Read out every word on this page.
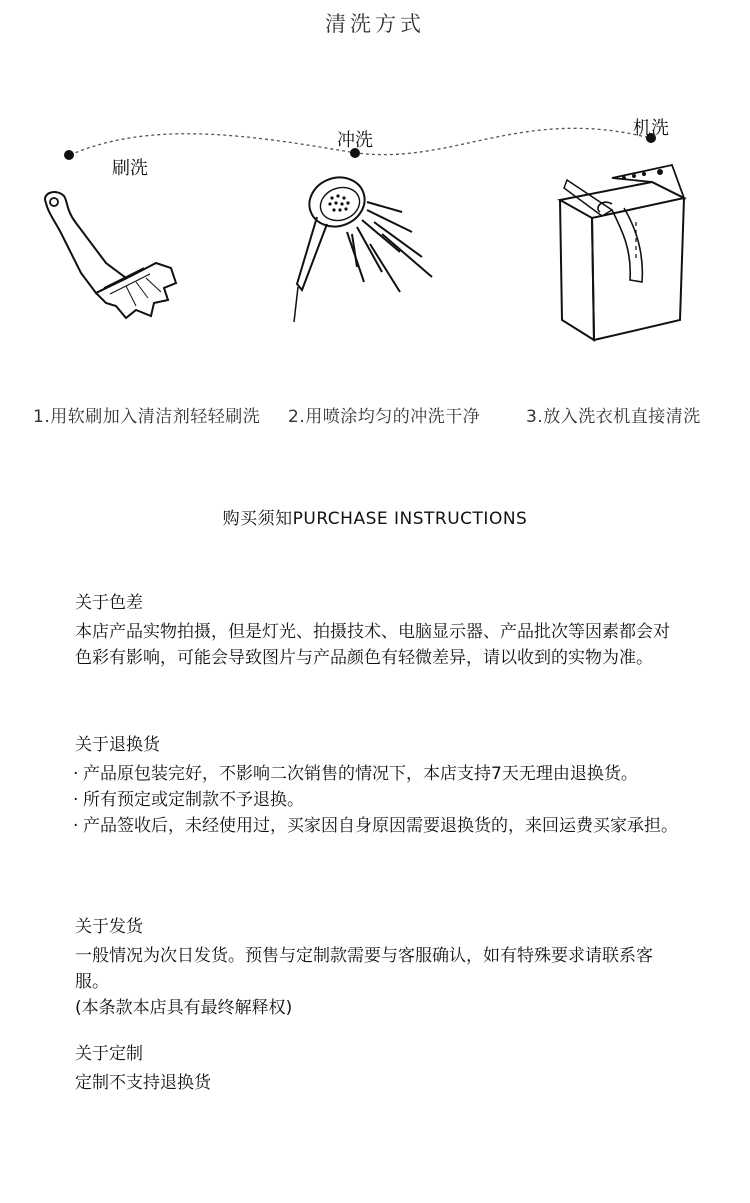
清洗方式
刷洗
冲洗
机洗
1.用软刷加入清洁剂轻轻刷洗 2.用喷涂均匀的冲洗干净	3.放入洗衣机直接清洗
购买须知PURCHASE INSTRUCTIONS
关于色差

本店产品实物拍摄，但是灯光、拍摄技术、电脑显示器、产品批次等因素都会对色彩有影响，可能会导致图片与产品颜色有轻微差异，请以收到的实物为准。

关于退换货
· 产品原包装完好，不影响二次销售的情况下，本店支持7天无理由退换货。
· 所有预定或定制款不予退换。
· 产品签收后，未经使用过，买家因自身原因需要退换货的，来回运费买家承担。
关于发货

一般情况为次日发货。预售与定制款需要与客服确认，如有特殊要求请联系客服。

(本条款本店具有最终解释权)

关于定制

定制不支持退换货
